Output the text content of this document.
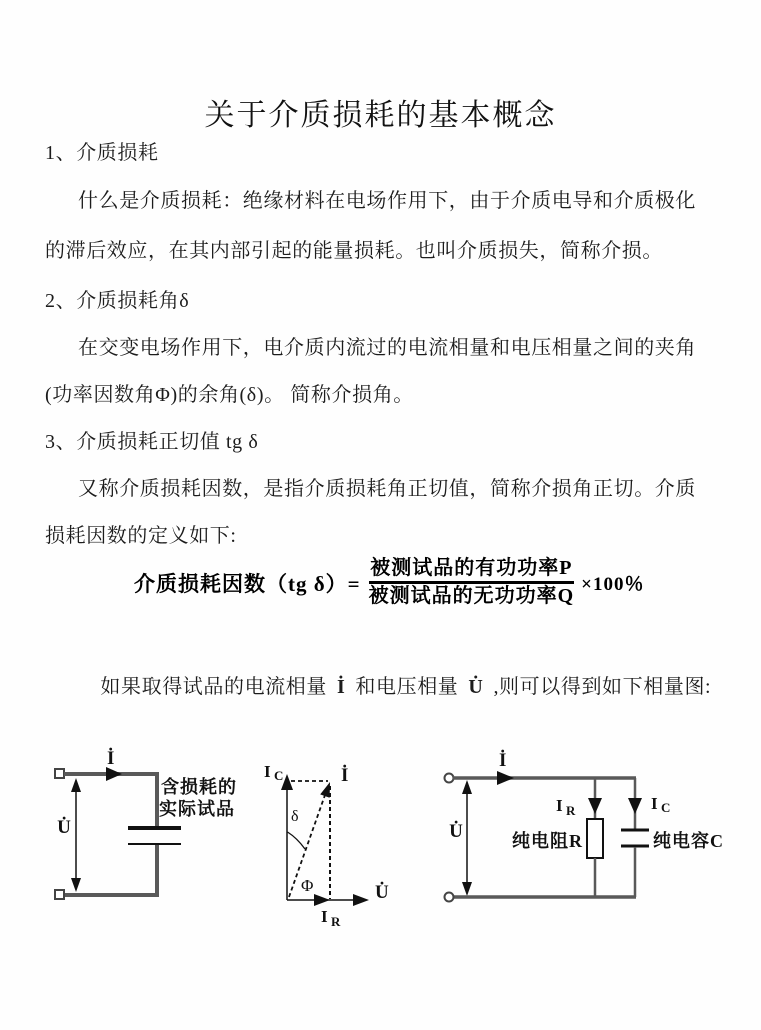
关于介质损耗的基本概念
1、介质损耗
什么是介质损耗：绝缘材料在电场作用下，由于介质电导和介质极化
的滞后效应，在其内部引起的能量损耗。也叫介质损失，简称介损。
2、介质损耗角δ
在交变电场作用下，电介质内流过的电流相量和电压相量之间的夹角
(功率因数角Φ)的余角(δ)。 简称介损角。
3、介质损耗正切值 tg δ
又称介质损耗因数，是指介质损耗角正切值，简称介损角正切。介质
损耗因数的定义如下:
介质损耗因数（tg $\delta)= \frac{\text{被测试品的有功功率P}}{\text{被测试品的无功功率Q}} \times 100$％

如果取得试品的电流相量 İ 和电压相量 U̇ ,则可以得到如下相量图:

İ
U̇
含损耗的
实际试品
I C	İ
δ
Φ	U̇
I R
İ
U̇
I R	I C
纯电阻R	纯电容C
